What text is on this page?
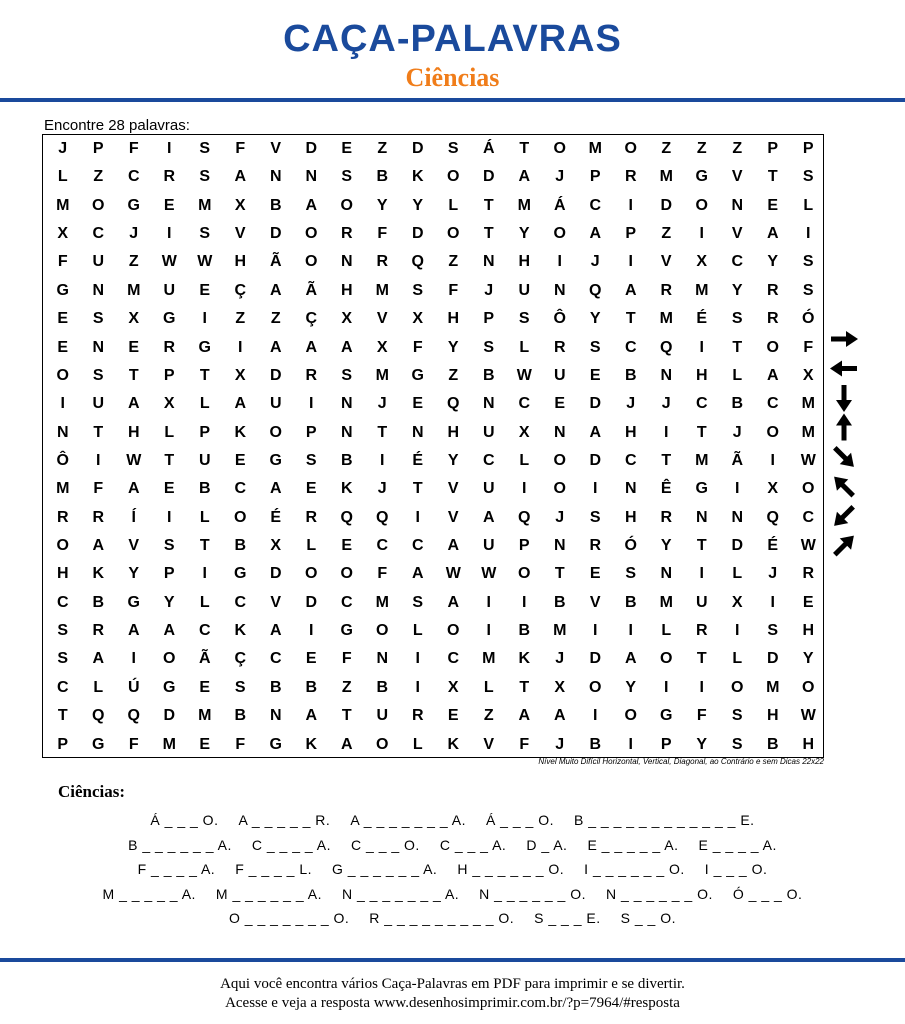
CAÇA-PALAVRAS
Ciências
Encontre 28 palavras:
J	P	F	I	S	F	V	D	E	Z	D	S	Á	T	O	M	O	Z	Z	Z	P	P
L	Z	C	R	S	A	N	N	S	B	K	O	D	A	J	P	R	M	G	V	T	S
M	O	G	E	M	X	B	A	O	Y	Y	L	T	M	Á	C	I	D	O	N	E	L
X	C	J	I	S	V	D	O	R	F	D	O	T	Y	O	A	P	Z	I	V	A	I
F	U	Z	W	W	H	Ã	O	N	R	Q	Z	N	H	I	J	I	V	X	C	Y	S
G	N	M	U	E	Ç	A	Ã	H	M	S	F	J	U	N	Q	A	R	M	Y	R	S
E	S	X	G	I	Z	Z	Ç	X	V	X	H	P	S	Ô	Y	T	M	É	S	R	Ó
E	N	E	R	G	I	A	A	A	X	F	Y	S	L	R	S	C	Q	I	T	O	F
O	S	T	P	T	X	D	R	S	M	G	Z	B	W	U	E	B	N	H	L	A	X
I	U	A	X	L	A	U	I	N	J	E	Q	N	C	E	D	J	J	C	B	C	M
N	T	H	L	P	K	O	P	N	T	N	H	U	X	N	A	H	I	T	J	O	M
Ô	I	W	T	U	E	G	S	B	I	É	Y	C	L	O	D	C	T	M	Ã	I	W
M	F	A	E	B	C	A	E	K	J	T	V	U	I	O	I	N	Ê	G	I	X	O
R	R	Í	I	L	O	É	R	Q	Q	I	V	A	Q	J	S	H	R	N	N	Q	C
O	A	V	S	T	B	X	L	E	C	C	A	U	P	N	R	Ó	Y	T	D	É	W
H	K	Y	P	I	G	D	O	O	F	A	W	W	O	T	E	S	N	I	L	J	R
C	B	G	Y	L	C	V	D	C	M	S	A	I	I	B	V	B	M	U	X	I	E
S	R	A	A	C	K	A	I	G	O	L	O	I	B	M	I	I	L	R	I	S	H
S	A	I	O	Ã	Ç	C	E	F	N	I	C	M	K	J	D	A	O	T	L	D	Y
C	L	Ú	G	E	S	B	B	Z	B	I	X	L	T	X	O	Y	I	I	O	M	O
T	Q	Q	D	M	B	N	A	T	U	R	E	Z	A	A	I	O	G	F	S	H	W
P	G	F	M	E	F	G	K	A	O	L	K	V	F	J	B	I	P	Y	S	B	H
Nível Muito Difícil Horizontal, Vertical, Diagonal, ao Contrário e sem Dicas 22x22
Ciências:
Á _ _ _ O. A _ _ _ _ _ R. A _ _ _ _ _ _ _ A. Á _ _ _ O. B _ _ _ _ _ _ _ _ _ _ _ _ E.
B _ _ _ _ _ _ A. C _ _ _ _ A. C _ _ _ O. C _ _ _ A. D _ A. E _ _ _ _ _ A. E _ _ _ _ A.
F _ _ _ _ A. F _ _ _ _ L. G _ _ _ _ _ _ A. H _ _ _ _ _ _ O. I _ _ _ _ _ _ O. I _ _ _ O.
M _ _ _ _ _ A. M _ _ _ _ _ _ A. N _ _ _ _ _ _ _ A. N _ _ _ _ _ _ O. N _ _ _ _ _ _ O. Ó _ _ _ O.
O _ _ _ _ _ _ _ O. R _ _ _ _ _ _ _ _ _ O. S _ _ _ E. S _ _ O.
Aqui você encontra vários Caça-Palavras em PDF para imprimir e se divertir.
Acesse e veja a resposta www.desenhosimprimir.com.br/?p=7964/#resposta
